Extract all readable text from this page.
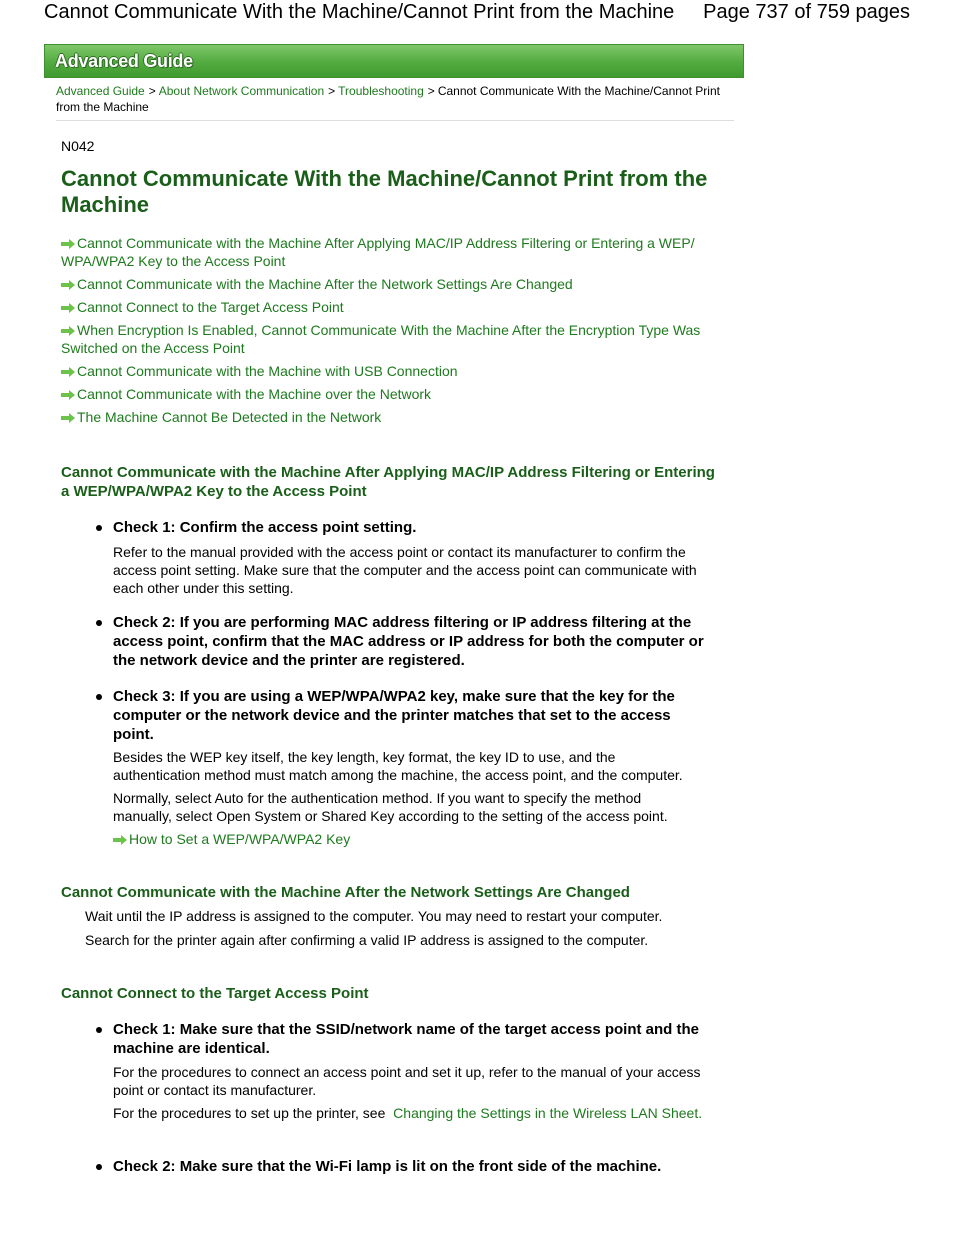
Cannot Communicate With the Machine/Cannot Print from the Machine Page 737 of 759 pages
Advanced Guide
Advanced Guide > About Network Communication > Troubleshooting > Cannot Communicate With the Machine/Cannot Print from the Machine
N042
Cannot Communicate With the Machine/Cannot Print from the Machine
Cannot Communicate with the Machine After Applying MAC/IP Address Filtering or Entering a WEP/ WPA/WPA2 Key to the Access Point
Cannot Communicate with the Machine After the Network Settings Are Changed
Cannot Connect to the Target Access Point
When Encryption Is Enabled, Cannot Communicate With the Machine After the Encryption Type Was Switched on the Access Point
Cannot Communicate with the Machine with USB Connection
Cannot Communicate with the Machine over the Network
The Machine Cannot Be Detected in the Network
Cannot Communicate with the Machine After Applying MAC/IP Address Filtering or Entering a WEP/WPA/WPA2 Key to the Access Point
Check 1: Confirm the access point setting.
Refer to the manual provided with the access point or contact its manufacturer to confirm the access point setting. Make sure that the computer and the access point can communicate with each other under this setting.
Check 2: If you are performing MAC address filtering or IP address filtering at the access point, confirm that the MAC address or IP address for both the computer or the network device and the printer are registered.
Check 3: If you are using a WEP/WPA/WPA2 key, make sure that the key for the computer or the network device and the printer matches that set to the access point.
Besides the WEP key itself, the key length, key format, the key ID to use, and the authentication method must match among the machine, the access point, and the computer.
Normally, select Auto for the authentication method. If you want to specify the method manually, select Open System or Shared Key according to the setting of the access point.
How to Set a WEP/WPA/WPA2 Key
Cannot Communicate with the Machine After the Network Settings Are Changed
Wait until the IP address is assigned to the computer. You may need to restart your computer.
Search for the printer again after confirming a valid IP address is assigned to the computer.
Cannot Connect to the Target Access Point
Check 1: Make sure that the SSID/network name of the target access point and the machine are identical.
For the procedures to connect an access point and set it up, refer to the manual of your access point or contact its manufacturer.
For the procedures to set up the printer, see Changing the Settings in the Wireless LAN Sheet.
Check 2: Make sure that the Wi-Fi lamp is lit on the front side of the machine.
